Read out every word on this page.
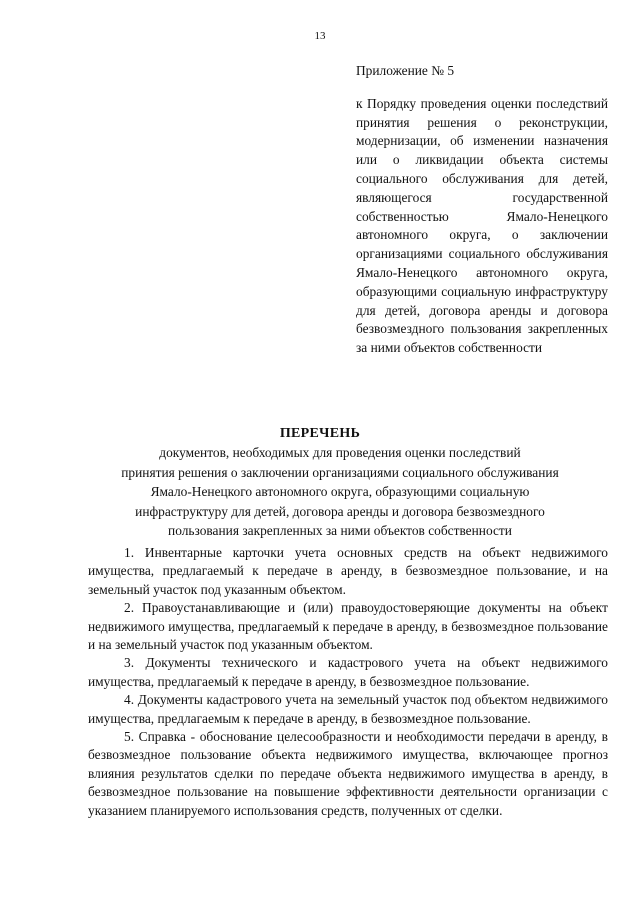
13

Приложение № 5

к Порядку проведения оценки последствий принятия решения о реконструкции, модернизации, об изменении назначения или о ликвидации объекта системы социального обслуживания для детей, являющегося государственной собственностью Ямало-Ненецкого автономного округа, о заключении организациями социального обслуживания Ямало-Ненецкого автономного округа, образующими социальную инфраструктуру для детей, договора аренды и договора безвозмездного пользования закрепленных за ними объектов собственности

ПЕРЕЧЕНЬ
документов, необходимых для проведения оценки последствий
принятия решения о заключении организациями социального обслуживания
Ямало-Ненецкого автономного округа, образующими социальную
инфраструктуру для детей, договора аренды и договора безвозмездного
пользования закрепленных за ними объектов собственности

1. Инвентарные карточки учета основных средств на объект недвижимого имущества, предлагаемый к передаче в аренду, в безвозмездное пользование, и на земельный участок под указанным объектом.

2. Правоустанавливающие и (или) правоудостоверяющие документы на объект недвижимого имущества, предлагаемый к передаче в аренду, в безвозмездное пользование и на земельный участок под указанным объектом.

3. Документы технического и кадастрового учета на объект недвижимого имущества, предлагаемый к передаче в аренду, в безвозмездное пользование.

4. Документы кадастрового учета на земельный участок под объектом недвижимого имущества, предлагаемым к передаче в аренду, в безвозмездное пользование.

5. Справка - обоснование целесообразности и необходимости передачи в аренду, в безвозмездное пользование объекта недвижимого имущества, включающее прогноз влияния результатов сделки по передаче объекта недвижимого имущества в аренду, в безвозмездное пользование на повышение эффективности деятельности организации с указанием планируемого использования средств, полученных от сделки.
